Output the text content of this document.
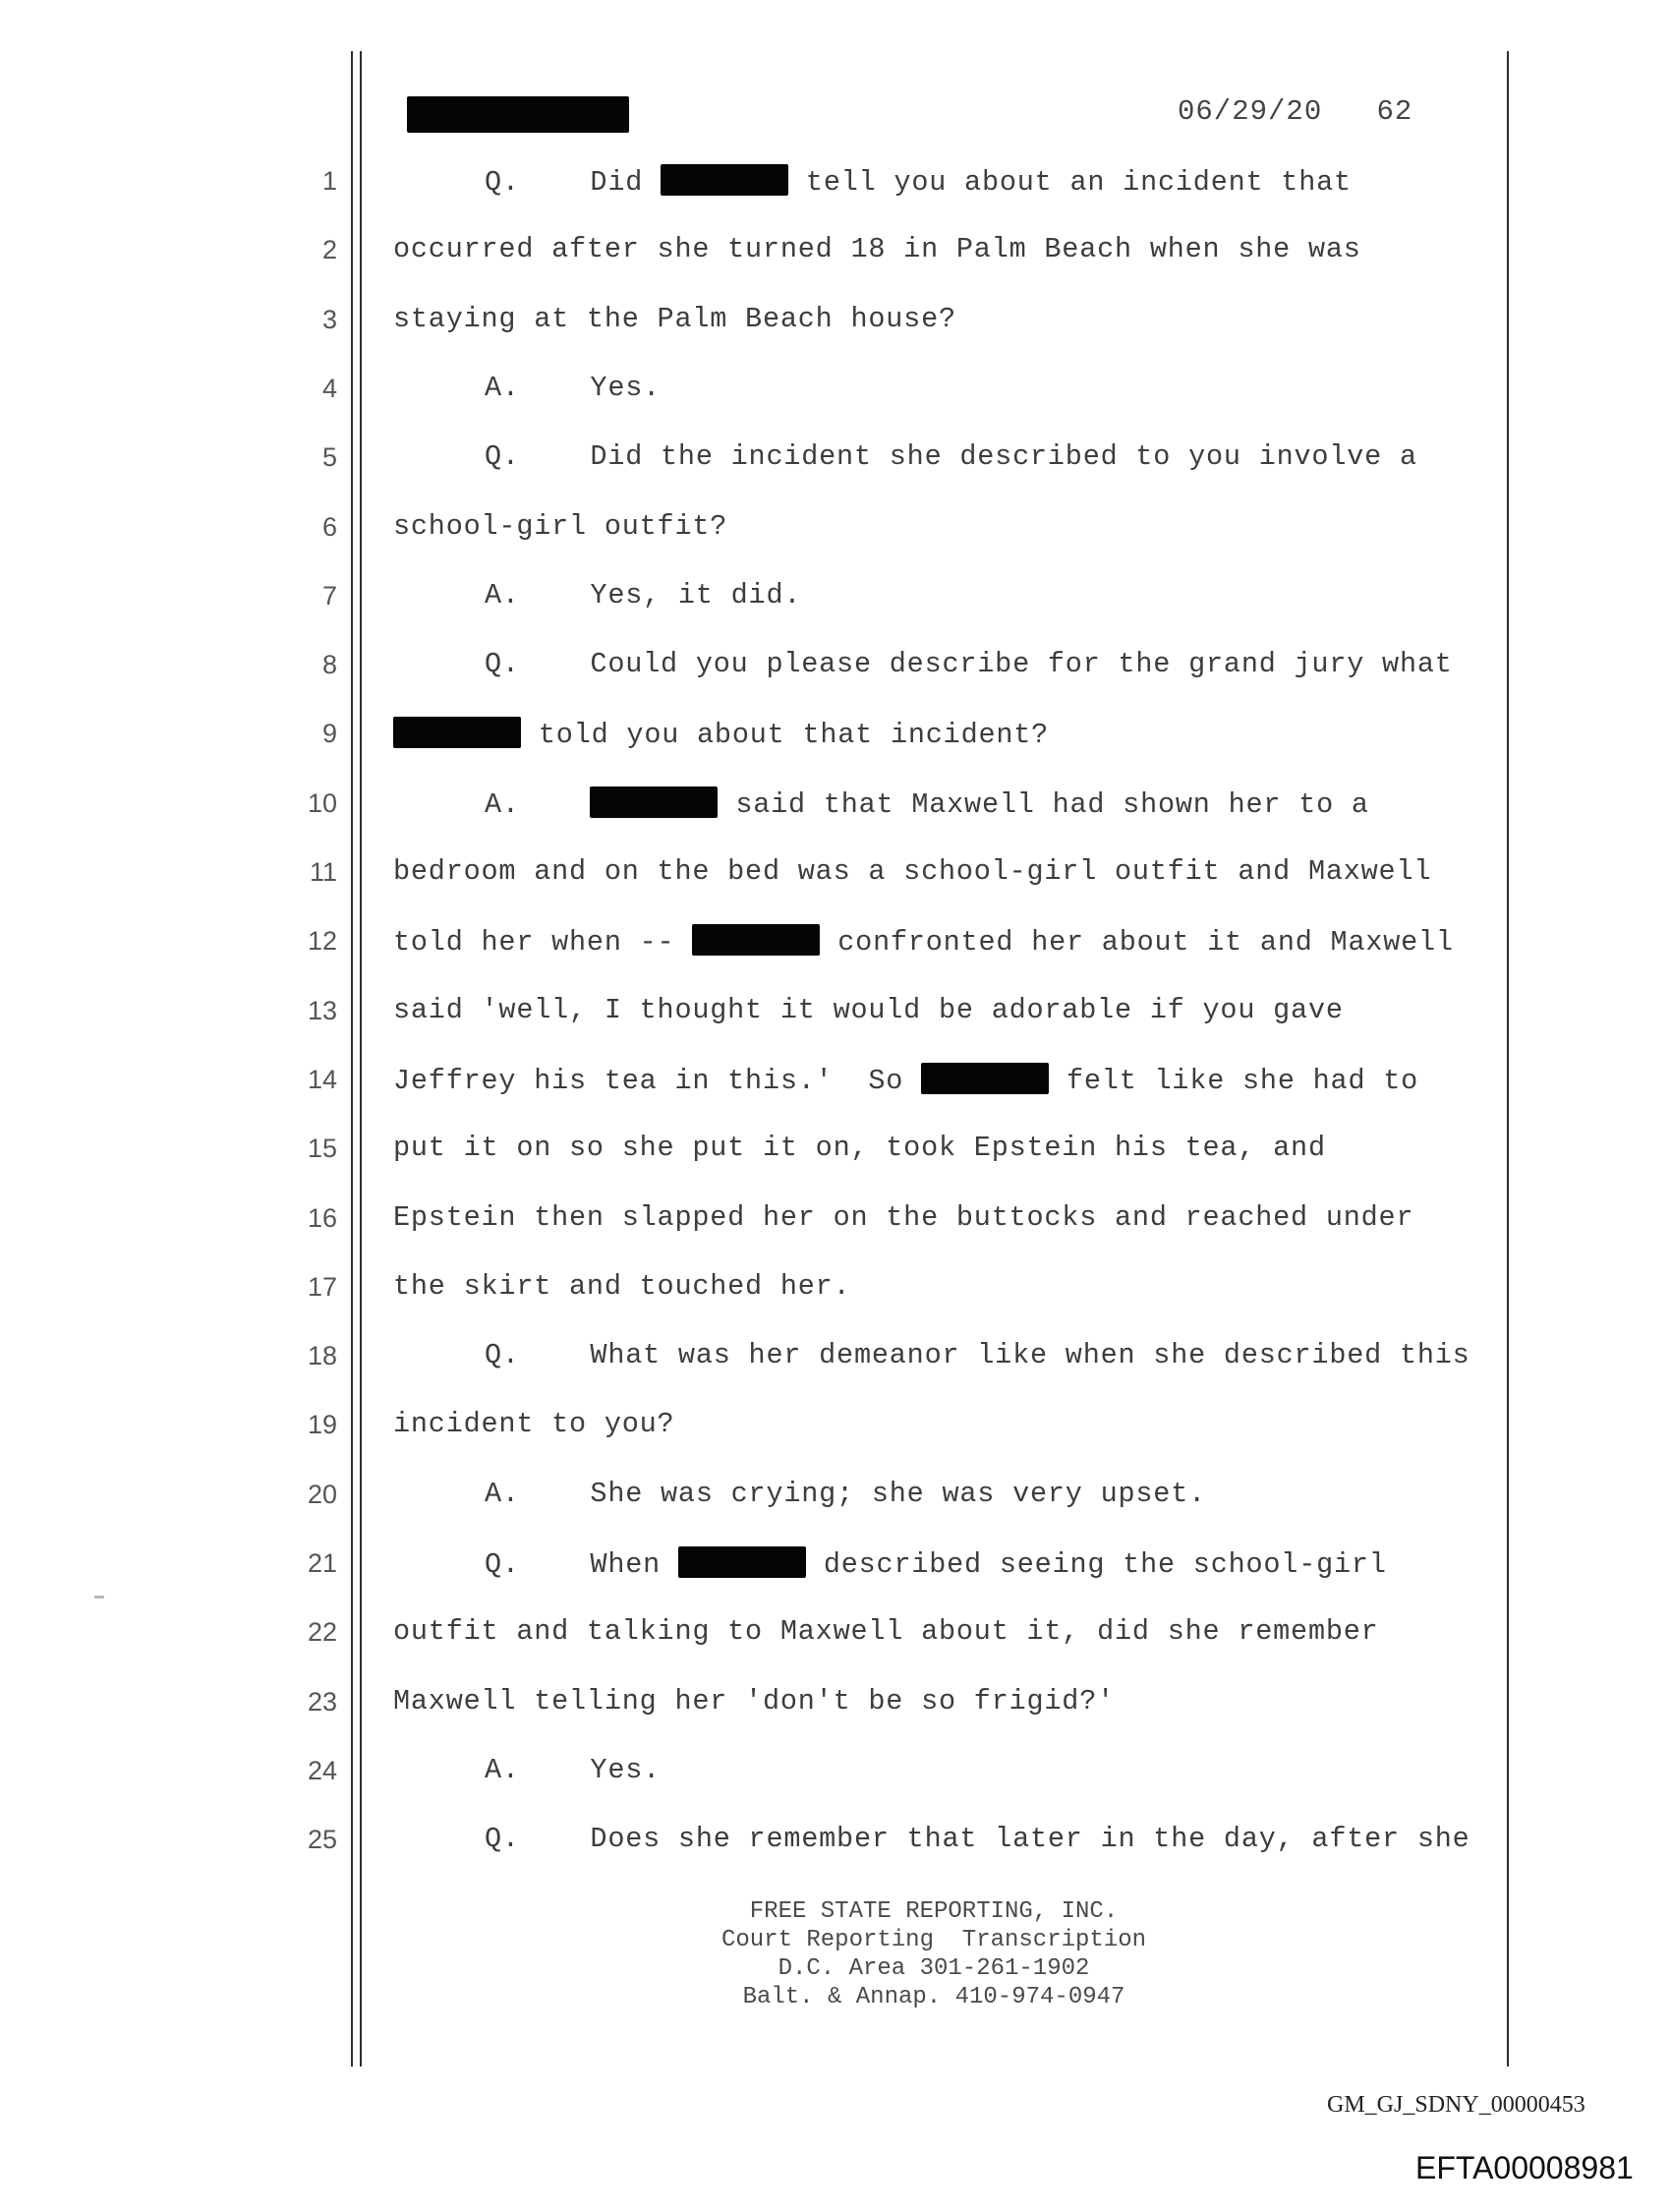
06/29/20 62
1	Q.    Did	tell you about an incident that
2 occurred after she turned 18 in Palm Beach when she was
3 staying at the Palm Beach house?
4	A.    Yes.
5	Q.    Did the incident she described to you involve a
6 school-girl outfit?
7	A.    Yes, it did.
8	Q.    Could you please describe for the grand jury what
9	told you about that incident?
10	A.	said that Maxwell had shown her to a
11 bedroom and on the bed was a school-girl outfit and Maxwell
12 told her when --	confronted her about it and Maxwell
13 said 'well, I thought it would be adorable if you gave
14 Jeffrey his tea in this.'  So	felt like she had to
15 put it on so she put it on, took Epstein his tea, and
16 Epstein then slapped her on the buttocks and reached under
17 the skirt and touched her.
18	Q.    What was her demeanor like when she described this
19 incident to you?
20	A.    She was crying; she was very upset.
21	Q.    When	described seeing the school-girl
22 outfit and talking to Maxwell about it, did she remember
23 Maxwell telling her 'don't be so frigid?'
24	A.    Yes.
25	Q.    Does she remember that later in the day, after she
FREE STATE REPORTING, INC.
Court Reporting  Transcription
D.C. Area 301-261-1902
Balt. & Annap. 410-974-0947
GM_GJ_SDNY_00000453
EFTA00008981
